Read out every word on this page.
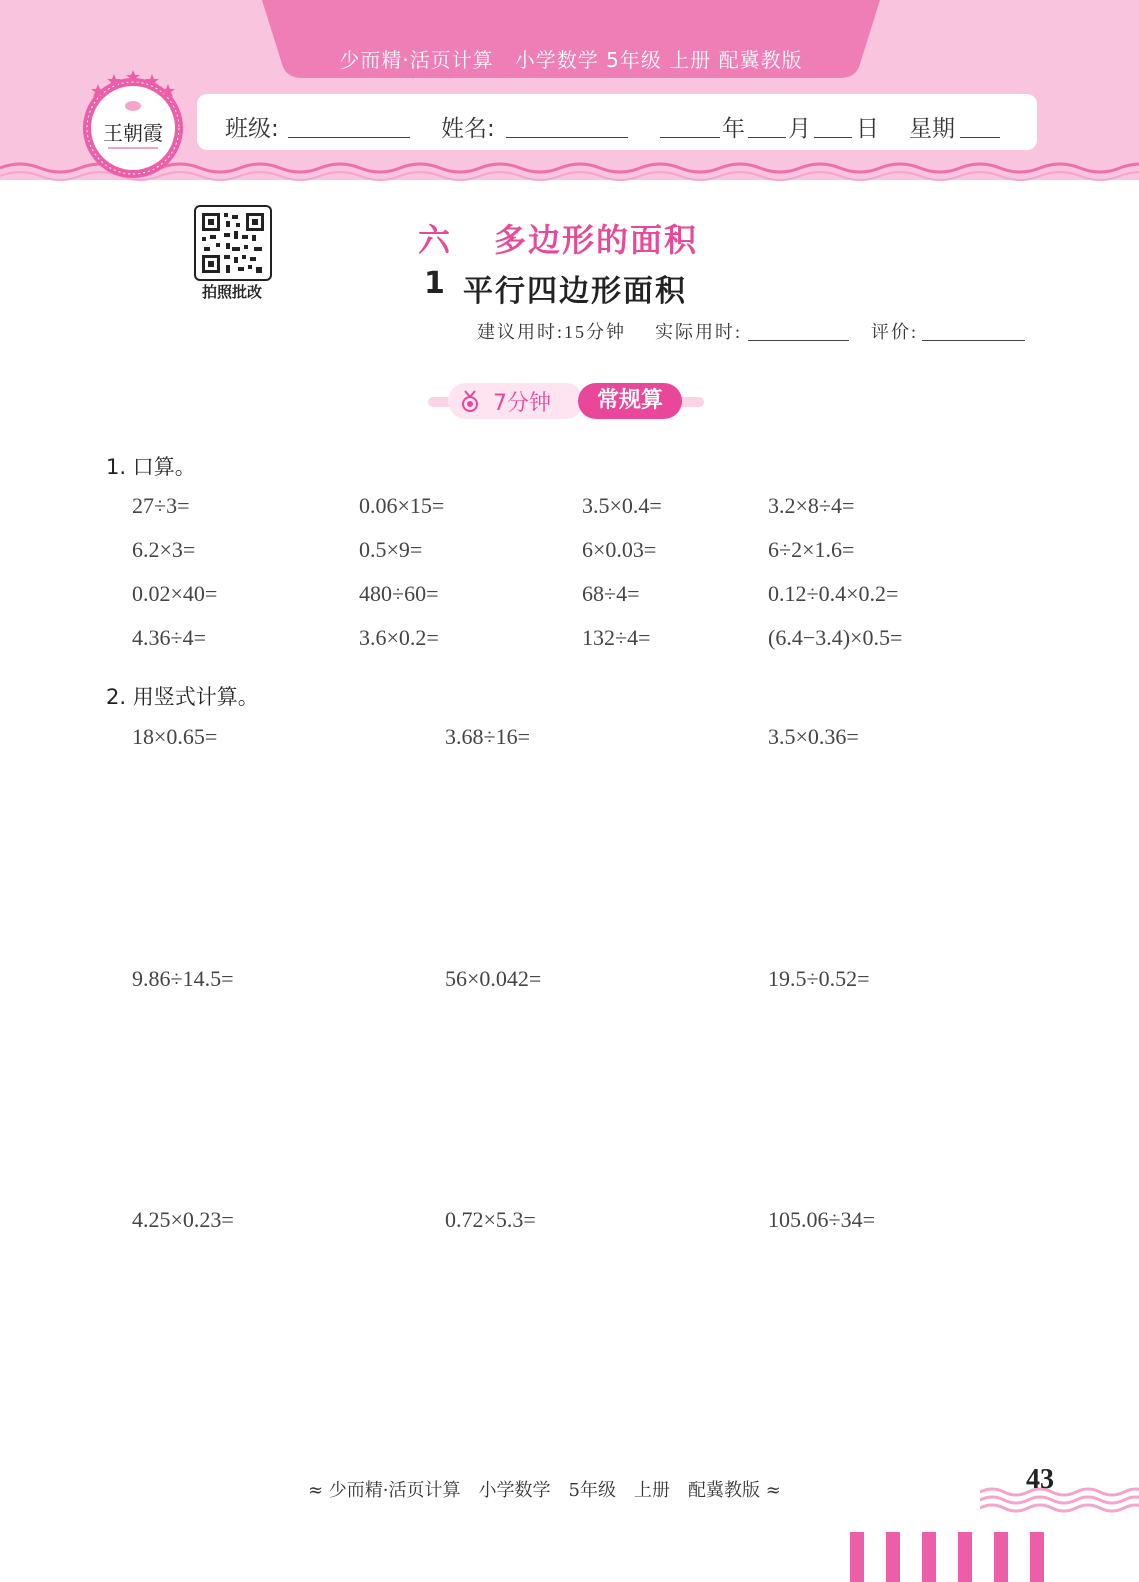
少而精·活页计算　小学数学 5年级 上册 配冀教版
班级:	姓名:	年 月 日 星期
王朝霞
拍照批改
六 多边形的面积
1 平行四边形面积
建议用时:15分钟 实际用时:	评价:
7分钟	常规算
1. 口算。
27÷3=	0.06×15=	3.5×0.4=	3.2×8÷4=
6.2×3=	0.5×9=	6×0.03=	6÷2×1.6=
0.02×40=	480÷60=	68÷4=	0.12÷0.4×0.2=
4.36÷4=	3.6×0.2=	132÷4=	(6.4−3.4)×0.5=
2. 用竖式计算。
18×0.65=	3.68÷16=	3.5×0.36=
9.86÷14.5=	56×0.042=	19.5÷0.52=
4.25×0.23=	0.72×5.3=	105.06÷34=
≈ 少而精·活页计算　小学数学　5年级　上册　配冀教版 ≈	43
